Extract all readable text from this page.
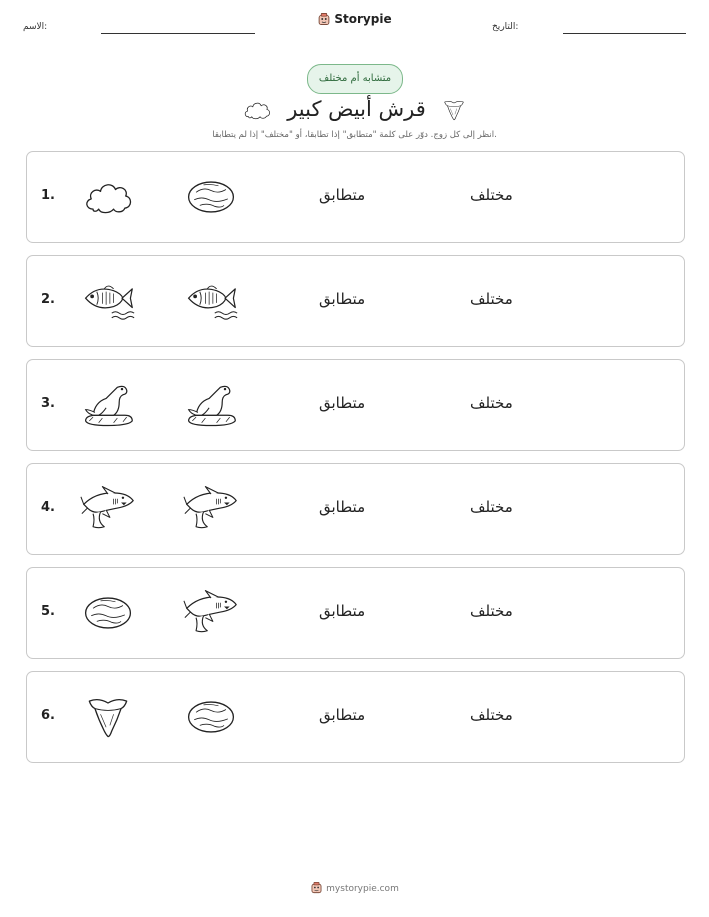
الاسم:
Storypie
التاريخ:
متشابه أم مختلف
قرش أبيض كبير
انظر إلى كل زوج. دوّر على كلمة "متطابق" إذا تطابقا، أو "مختلف" إذا لم يتطابقا.
1.	متطابق	مختلف
2.	متطابق	مختلف
3.	متطابق	مختلف
4.	متطابق	مختلف
5.	متطابق	مختلف
6.	متطابق	مختلف
mystorypie.com
